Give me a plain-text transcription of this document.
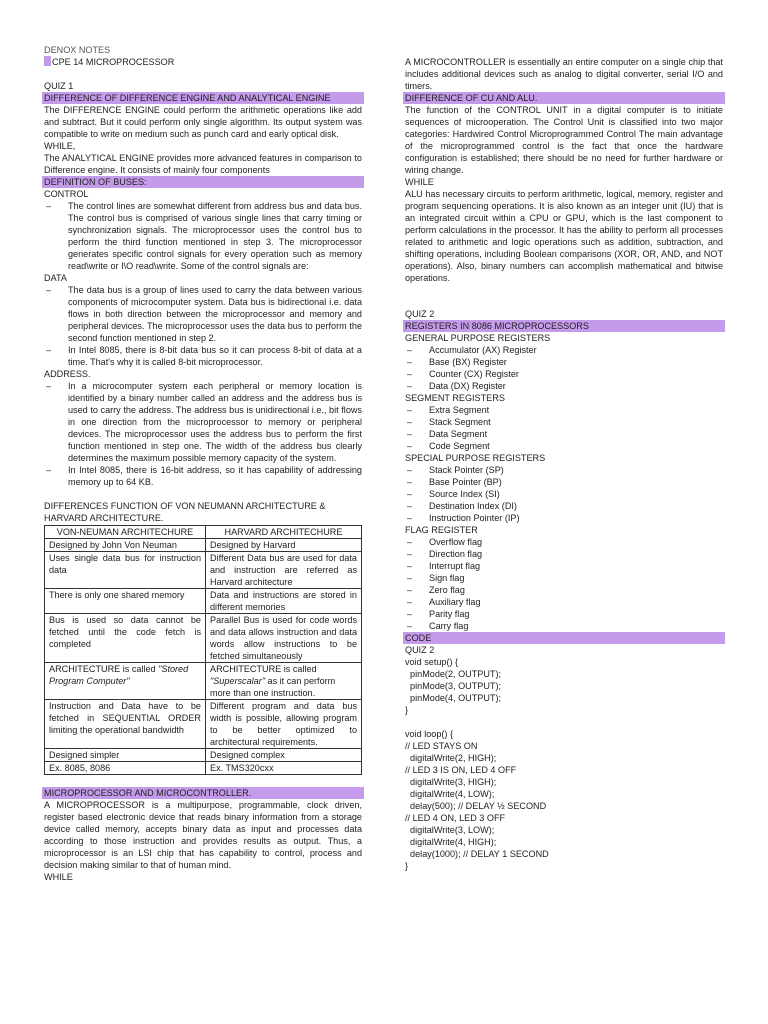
DENOX NOTES
CPE 14 MICROPROCESSOR
QUIZ 1
DIFFERENCE OF DIFFERENCE ENGINE AND ANALYTICAL ENGINE

The DIFFERENCE ENGINE could perform the arithmetic operations like add and subtract. But it could perform only single algorithm. Its output system was compatible to write on medium such as punch card and early optical disk.

WHILE,

The ANALYTICAL ENGINE provides more advanced features in comparison to Difference engine. It consists of mainly four components

DEFINITION OF BUSES:
CONTROL
– The control lines are somewhat different from address bus and data bus. The control bus is comprised of various single lines that carry timing or synchronization signals. The microprocessor uses the control bus to perform the third function mentioned in step 3. The microprocessor generates specific control signals for every operation such as memory read\write or I\O read\write. Some of the control signals are:
DATA
– The data bus is a group of lines used to carry the data between various components of microcomputer system. Data bus is bidirectional i.e. data flows in both direction between the microprocessor and memory and peripheral devices. The microprocessor uses the data bus to perform the second function mentioned in step 2.
– In Intel 8085, there is 8-bit data bus so it can process 8-bit of data at a time. That's why it is called 8-bit microprocessor.
ADDRESS.
– In a microcomputer system each peripheral or memory location is identified by a binary number called an address and the address bus is used to carry the address. The address bus is unidirectional i.e., bit flows in one direction from the microprocessor to memory or peripheral devices. The microprocessor uses the address bus to perform the first function mentioned in step one. The width of the address bus clearly determines the maximum possible memory capacity of the system.
– In Intel 8085, there is 16-bit address, so it has capability of addressing memory up to 64 KB.

DIFFERENCES FUNCTION OF VON NEUMANN ARCHITECTURE & HARVARD ARCHITECTURE.

VON-NEUMAN ARCHITECHURE	HARVARD ARCHITECHURE
Designed by John Von Neuman	Designed by Harvard
Uses single data bus for instruction data	Different Data bus are used for data and instruction are referred as Harvard architecture
There is only one shared memory	Data and instructions are stored in different memories
Bus is used so data cannot be fetched until the code fetch is completed	Parallel Bus is used for code words and data allows instruction and data words allow instructions to be fetched simultaneously
ARCHITECTURE is called "Stored Program Computer"	ARCHITECTURE is called "Superscalar" as it can perform more than one instruction.
Instruction and Data have to be fetched in SEQUENTIAL ORDER limiting the operational bandwidth	Different program and data bus width is possible, allowing program to be better optimized to architectural requirements.
Designed simpler	Designed complex
Ex. 8085, 8086	Ex. TMS320cxx
MICROPROCESSOR AND MICROCONTROLLER.

A MICROPROCESSOR is a multipurpose, programmable, clock driven, register based electronic device that reads binary information from a storage device called memory, accepts binary data as input and processes data according to those instruction and provides results as output. Thus, a microprocessor is an LSI chip that has capability to control, process and decision making similar to that of human mind.

WHILE

A MICROCONTROLLER is essentially an entire computer on a single chip that includes additional devices such as analog to digital converter, serial I/O and timers.

DIFFERENCE OF CU AND ALU.

The function of the CONTROL UNIT in a digital computer is to initiate sequences of microoperation. The Control Unit is classified into two major categories: Hardwired Control Microprogrammed Control The main advantage of the microprogrammed control is the fact that once the hardware configuration is established; there should be no need for further hardware or wiring change.

WHILE

ALU has necessary circuits to perform arithmetic, logical, memory, register and program sequencing operations. It is also known as an integer unit (IU) that is an integrated circuit within a CPU or GPU, which is the last component to perform calculations in the processor. It has the ability to perform all processes related to arithmetic and logic operations such as addition, subtraction, and shifting operations, including Boolean comparisons (XOR, OR, AND, and NOT operations). Also, binary numbers can accomplish mathematical and bitwise operations.

QUIZ 2
REGISTERS IN 8086 MICROPROCESSORS
GENERAL PURPOSE REGISTERS
– Accumulator (AX) Register
– Base (BX) Register
– Counter (CX) Register
– Data (DX) Register
SEGMENT REGISTERS
– Extra Segment
– Stack Segment
– Data Segment
– Code Segment
SPECIAL PURPOSE REGISTERS
– Stack Pointer (SP)
– Base Pointer (BP)
– Source Index (SI)
– Destination Index (DI)
– Instruction Pointer (IP)
FLAG REGISTER
– Overflow flag
– Direction flag
– Interrupt flag
– Sign flag
– Zero flag
– Auxiliary flag
– Parity flag
– Carry flag
CODE
QUIZ 2
void setup() {
pinMode(2, OUTPUT);
pinMode(3, OUTPUT);
pinMode(4, OUTPUT);
}
void loop() {
// LED STAYS ON
digitalWrite(2, HIGH);
// LED 3 IS ON, LED 4 OFF
digitalWrite(3, HIGH);
digitalWrite(4, LOW);
delay(500); // DELAY ½ SECOND
// LED 4 ON, LED 3 OFF
digitalWrite(3, LOW);
digitalWrite(4, HIGH);
delay(1000); // DELAY 1 SECOND
}
